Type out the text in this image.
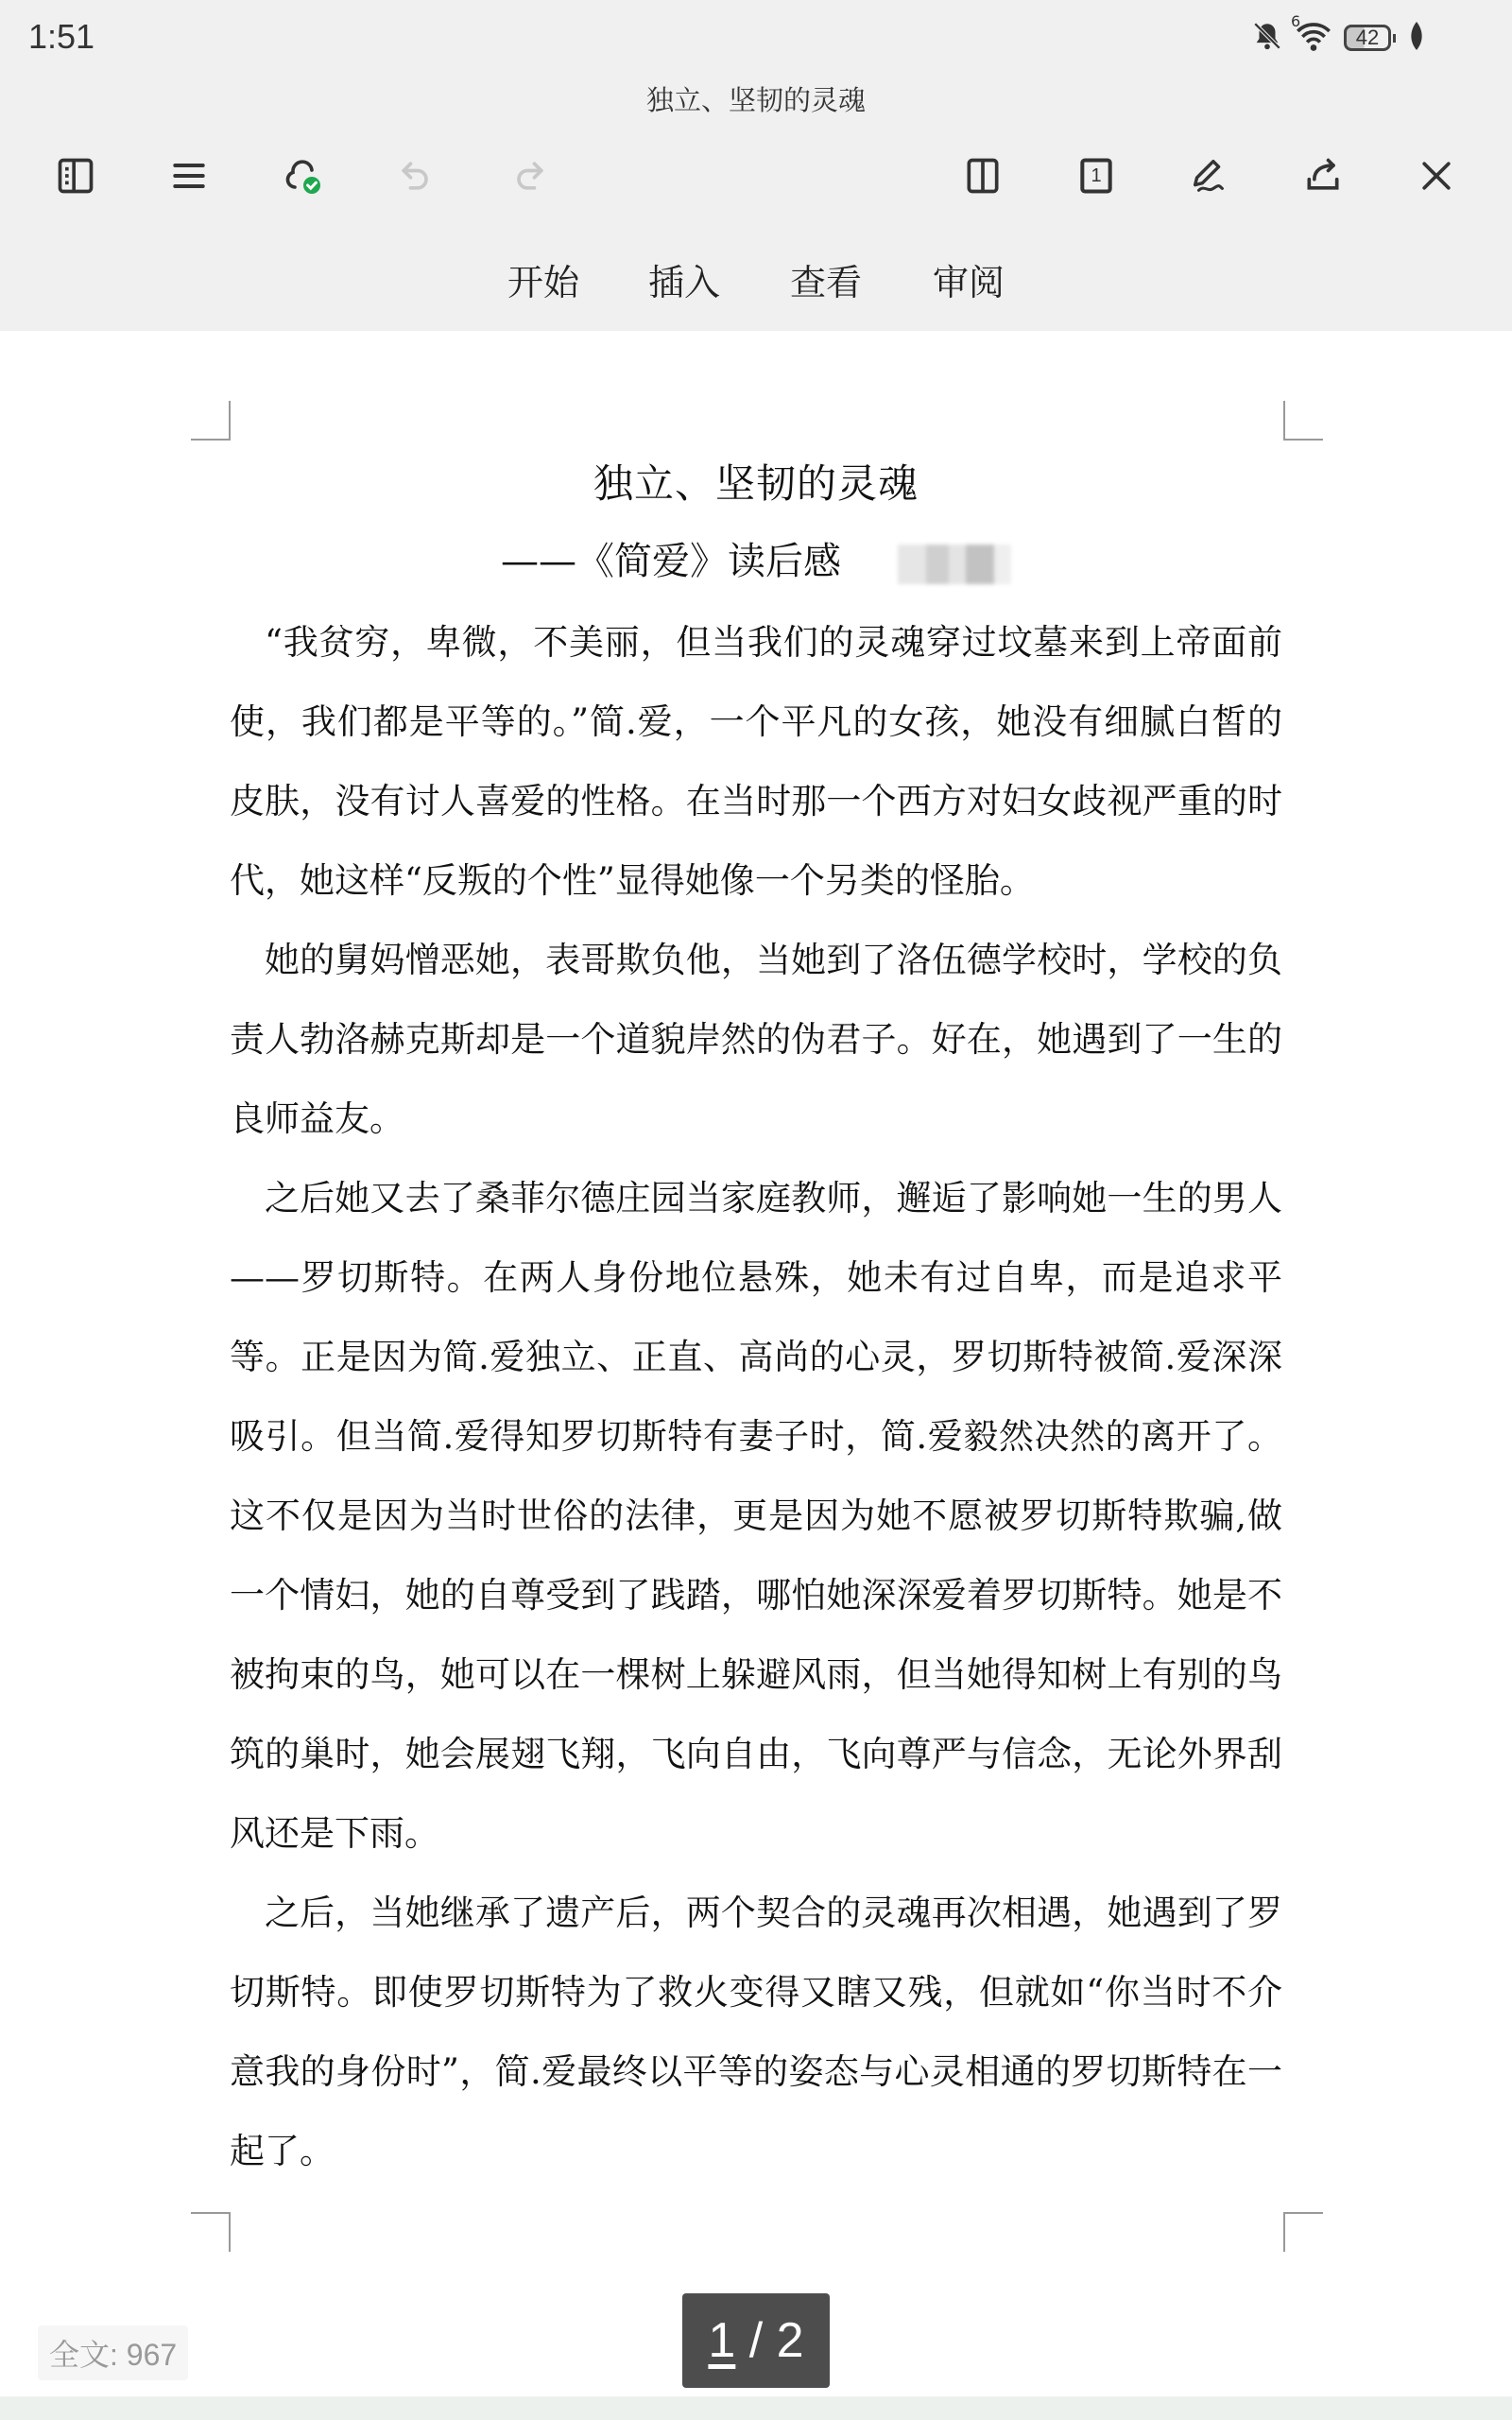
1:51	6
42
独立、坚韧的灵魂
1
开始 插入 查看 审阅
独立、坚韧的灵魂
——《简爱》读后感

“我贫穷，卑微，不美丽，但当我们的灵魂穿过坟墓来到上帝面前使，我们都是平等的。”简.爱，一个平凡的女孩，她没有细腻白皙的皮肤，没有讨人喜爱的性格。在当时那一个西方对妇女歧视严重的时代，她这样“反叛的个性”显得她像一个另类的怪胎。

她的舅妈憎恶她，表哥欺负他，当她到了洛伍德学校时，学校的负责人勃洛赫克斯却是一个道貌岸然的伪君子。好在，她遇到了一生的良师益友。

之后她又去了桑菲尔德庄园当家庭教师，邂逅了影响她一生的男人——罗切斯特。在两人身份地位悬殊，她未有过自卑，而是追求平等。正是因为简.爱独立、正直、高尚的心灵，罗切斯特被简.爱深深吸引。但当简.爱得知罗切斯特有妻子时，简.爱毅然决然的离开了。这不仅是因为当时世俗的法律，更是因为她不愿被罗切斯特欺骗,做一个情妇，她的自尊受到了践踏，哪怕她深深爱着罗切斯特。她是不被拘束的鸟，她可以在一棵树上躲避风雨，但当她得知树上有别的鸟筑的巢时，她会展翅飞翔，飞向自由，飞向尊严与信念，无论外界刮风还是下雨。

之后，当她继承了遗产后，两个契合的灵魂再次相遇，她遇到了罗切斯特。即使罗切斯特为了救火变得又瞎又残，但就如“你当时不介意我的身份时”，简.爱最终以平等的姿态与心灵相通的罗切斯特在一起了。

全文: 967	1 / 2
